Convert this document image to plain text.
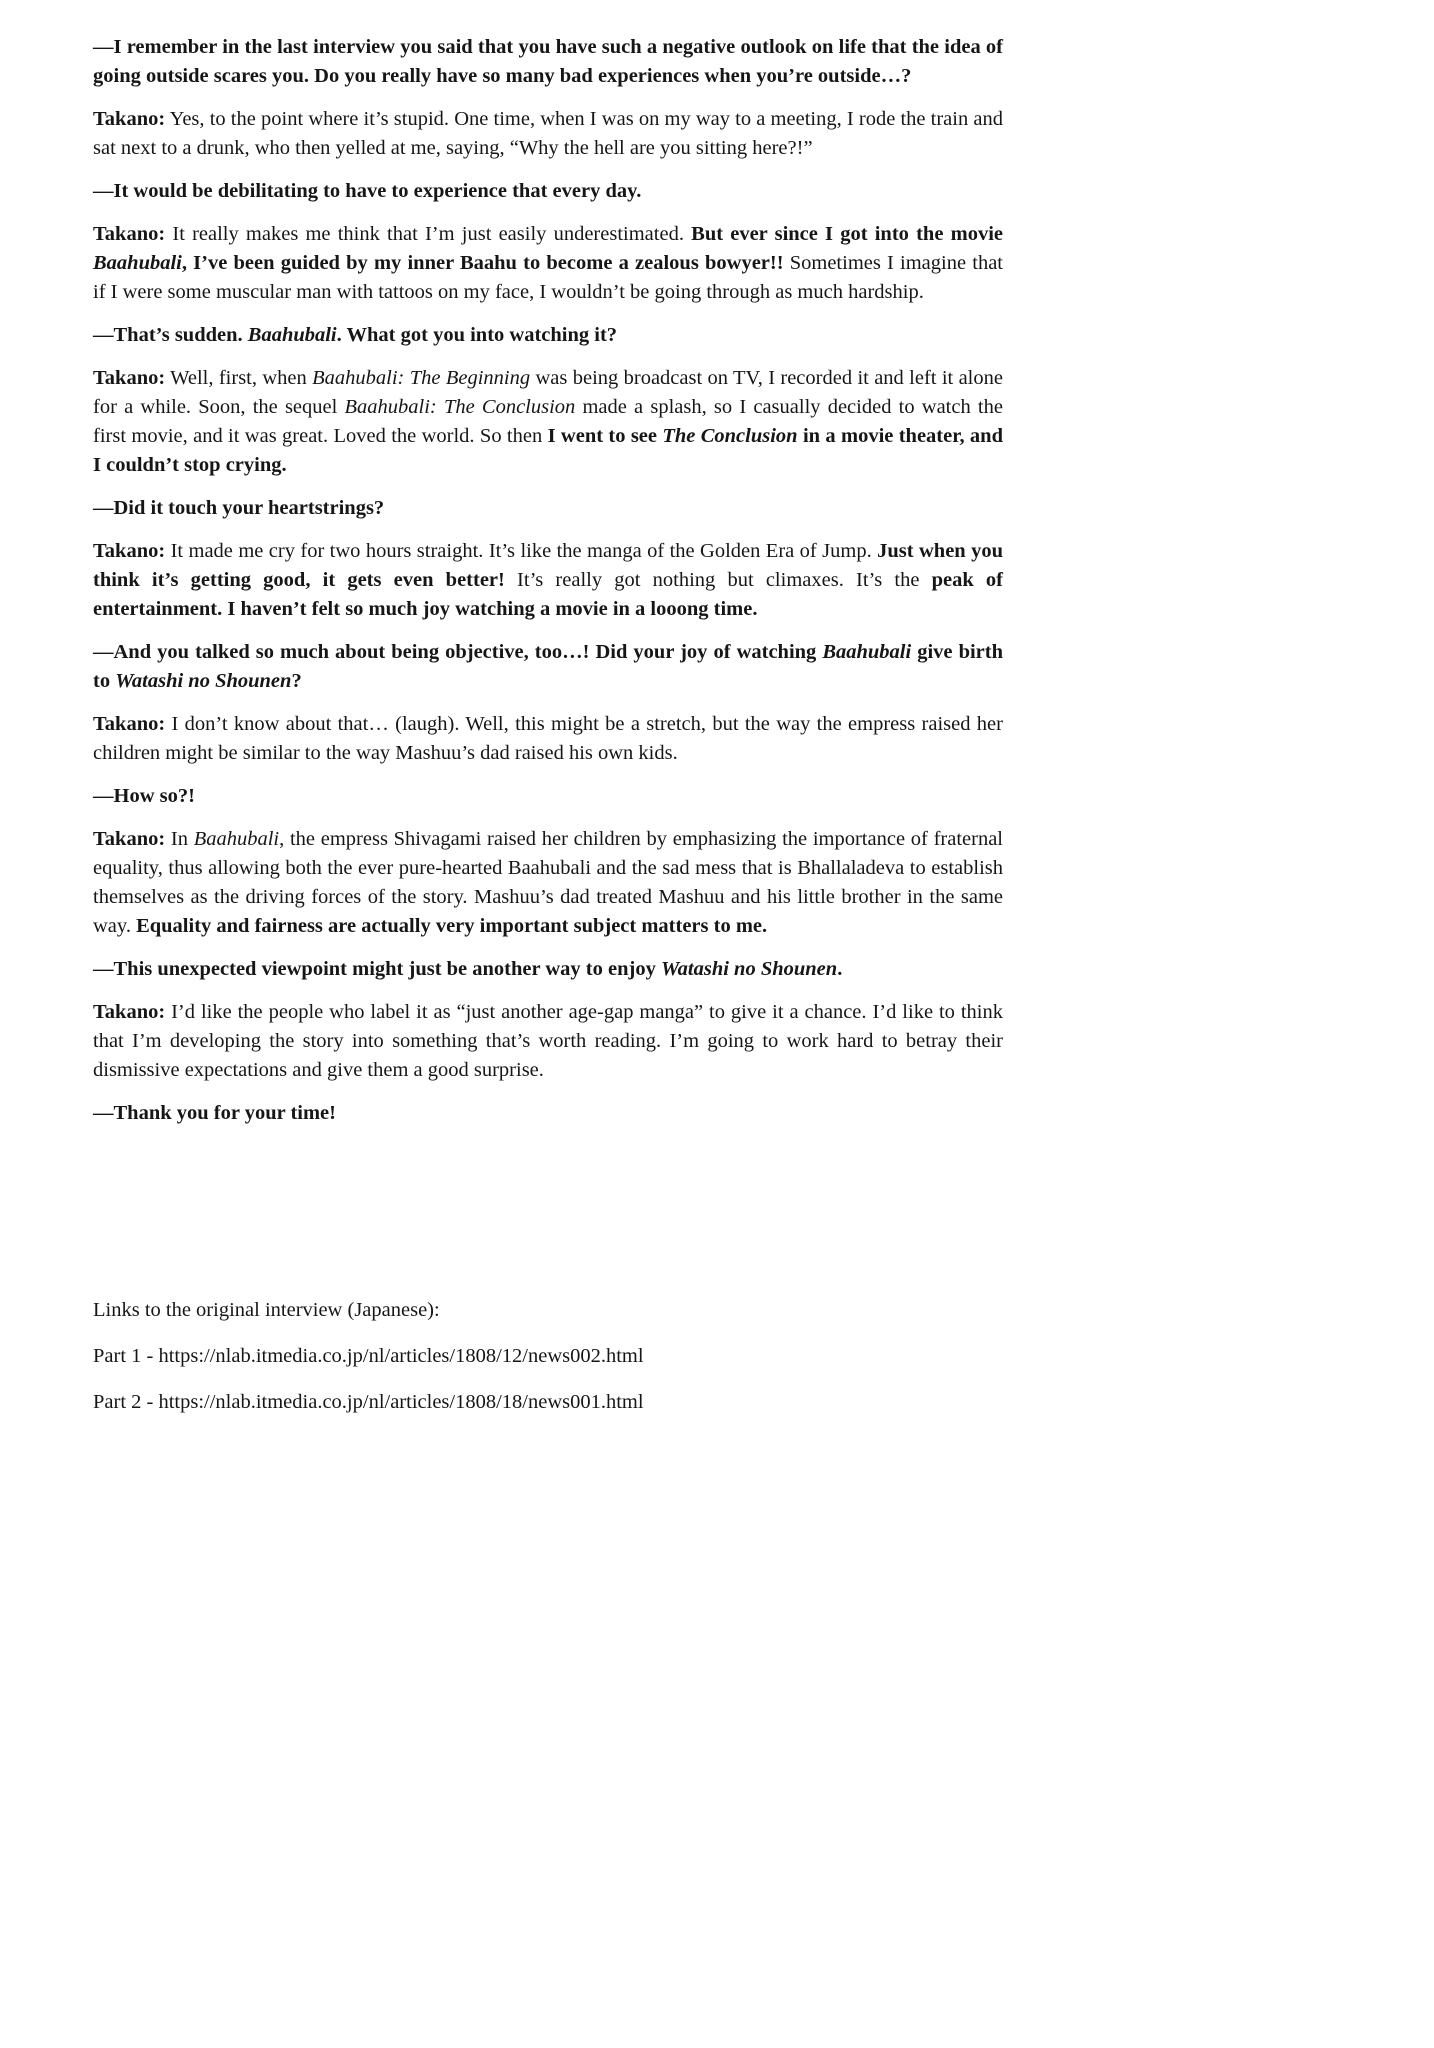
—I remember in the last interview you said that you have such a negative outlook on life that the idea of going outside scares you. Do you really have so many bad experiences when you’re outside…?

Takano: Yes, to the point where it’s stupid. One time, when I was on my way to a meeting, I rode the train and sat next to a drunk, who then yelled at me, saying, “Why the hell are you sitting here?!”

—It would be debilitating to have to experience that every day.

Takano: It really makes me think that I’m just easily underestimated. But ever since I got into the movie Baahubali, I’ve been guided by my inner Baahu to become a zealous bowyer!! Sometimes I imagine that if I were some muscular man with tattoos on my face, I wouldn’t be going through as much hardship.

—That’s sudden. Baahubali. What got you into watching it?

Takano: Well, first, when Baahubali: The Beginning was being broadcast on TV, I recorded it and left it alone for a while. Soon, the sequel Baahubali: The Conclusion made a splash, so I casually decided to watch the first movie, and it was great. Loved the world. So then I went to see The Conclusion in a movie theater, and I couldn’t stop crying.

—Did it touch your heartstrings?

Takano: It made me cry for two hours straight. It’s like the manga of the Golden Era of Jump. Just when you think it’s getting good, it gets even better! It’s really got nothing but climaxes. It’s the peak of entertainment. I haven’t felt so much joy watching a movie in a looong time.

—And you talked so much about being objective, too…! Did your joy of watching Baahubali give birth to Watashi no Shounen?

Takano: I don’t know about that… (laugh). Well, this might be a stretch, but the way the empress raised her children might be similar to the way Mashuu’s dad raised his own kids.

—How so?!

Takano: In Baahubali, the empress Shivagami raised her children by emphasizing the importance of fraternal equality, thus allowing both the ever pure-hearted Baahubali and the sad mess that is Bhallaladeva to establish themselves as the driving forces of the story. Mashuu’s dad treated Mashuu and his little brother in the same way. Equality and fairness are actually very important subject matters to me.

—This unexpected viewpoint might just be another way to enjoy Watashi no Shounen.

Takano: I’d like the people who label it as “just another age-gap manga” to give it a chance. I’d like to think that I’m developing the story into something that’s worth reading. I’m going to work hard to betray their dismissive expectations and give them a good surprise.

—Thank you for your time!

Links to the original interview (Japanese):

Part 1 - https://nlab.itmedia.co.jp/nl/articles/1808/12/news002.html

Part 2 - https://nlab.itmedia.co.jp/nl/articles/1808/18/news001.html
